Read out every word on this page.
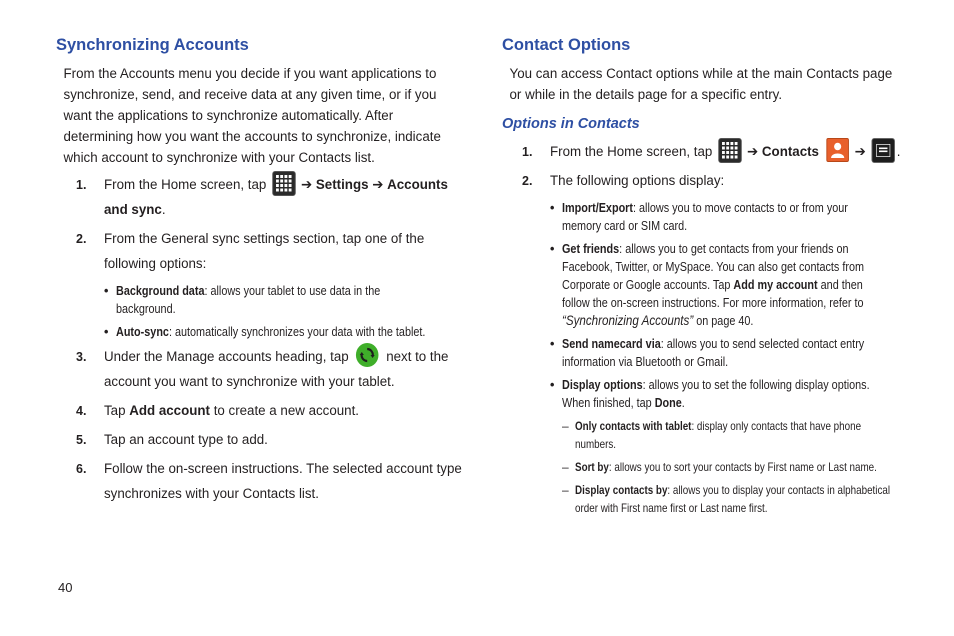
Synchronizing Accounts

From the Accounts menu you decide if you want applications to synchronize, send, and receive data at any given time, or if you want the applications to synchronize automatically. After determining how you want the accounts to synchronize, indicate which account to synchronize with your Contacts list.

1. From the Home screen, tap ➔ Settings ➔ Accounts and sync.
2. From the General sync settings section, tap one of the following options:
• Background data: allows your tablet to use data in the background.
• Auto-sync: automatically synchronizes your data with the tablet.
3. Under the Manage accounts heading, tap	next to the account you want to synchronize with your tablet.
4. Tap Add account to create a new account.
5. Tap an account type to add.
6. Follow the on-screen instructions. The selected account type synchronizes with your Contacts list.
Contact Options

You can access Contact options while at the main Contacts page or while in the details page for a specific entry.

Options in Contacts
1. From the Home screen, tap ➔ Contacts	➔ .
2. The following options display:
• Import/Export: allows you to move contacts to or from your memory card or SIM card.
• Get friends: allows you to get contacts from your friends on Facebook, Twitter, or MySpace. You can also get contacts from Corporate or Google accounts. Tap Add my account and then follow the on-screen instructions. For more information, refer to “Synchronizing Accounts” on page 40.
• Send namecard via: allows you to send selected contact entry information via Bluetooth or Gmail.
• Display options: allows you to set the following display options. When finished, tap Done.
– Only contacts with tablet: display only contacts that have phone numbers.
– Sort by: allows you to sort your contacts by First name or Last name.
– Display contacts by: allows you to display your contacts in alphabetical order with First name first or Last name first.
40
